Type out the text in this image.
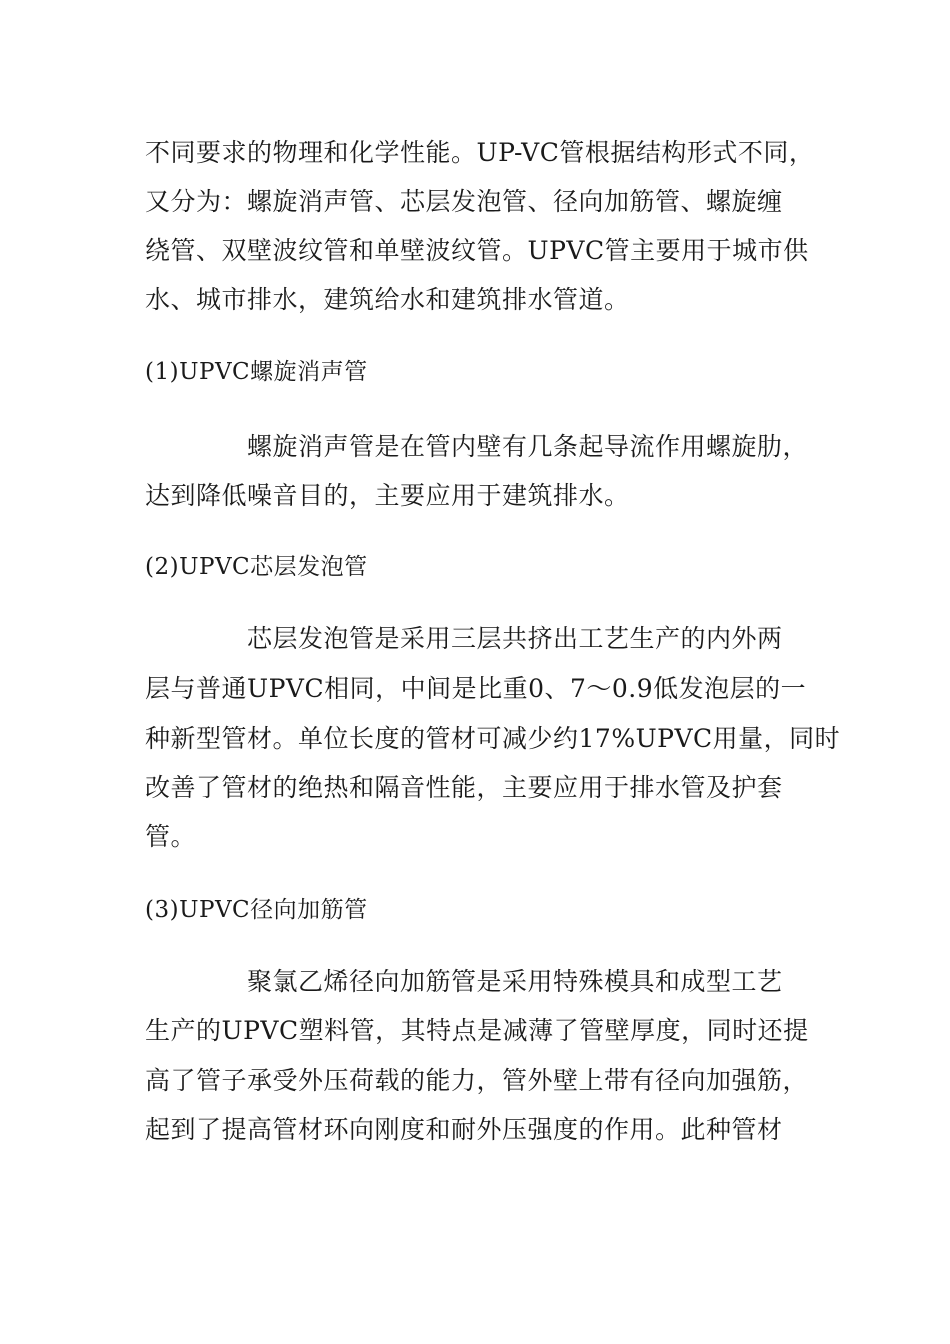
不同要求的物理和化学性能。UP-VC管根据结构形式不同，
又分为：螺旋消声管、芯层发泡管、径向加筋管、螺旋缠
绕管、双壁波纹管和单壁波纹管。UPVC管主要用于城市供
水、城市排水，建筑给水和建筑排水管道。
(1)UPVC螺旋消声管
螺旋消声管是在管内壁有几条起导流作用螺旋肋，
达到降低噪音目的，主要应用于建筑排水。
(2)UPVC芯层发泡管
芯层发泡管是采用三层共挤出工艺生产的内外两
层与普通UPVC相同，中间是比重0、7～0.9低发泡层的一
种新型管材。单位长度的管材可减少约17%UPVC用量，同时
改善了管材的绝热和隔音性能，主要应用于排水管及护套
管。
(3)UPVC径向加筋管
聚氯乙烯径向加筋管是采用特殊模具和成型工艺
生产的UPVC塑料管，其特点是减薄了管壁厚度，同时还提
高了管子承受外压荷载的能力，管外壁上带有径向加强筋，
起到了提高管材环向刚度和耐外压强度的作用。此种管材
